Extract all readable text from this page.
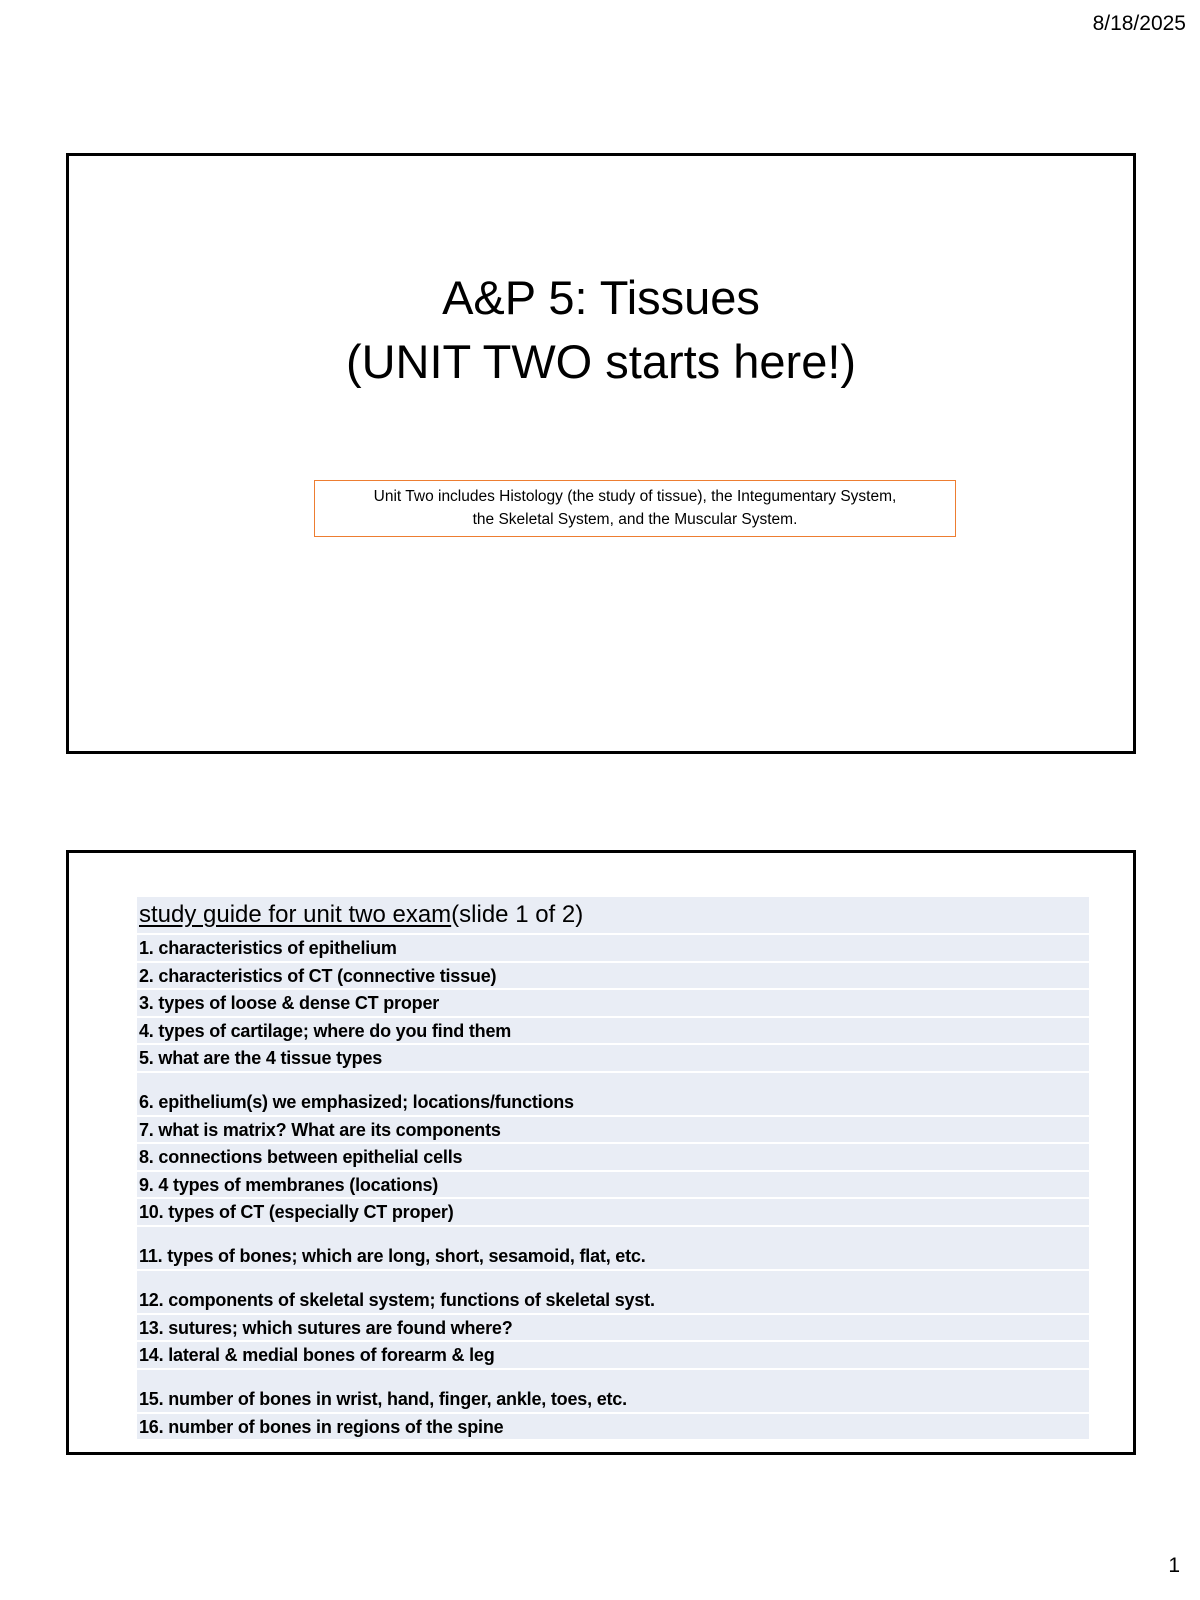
8/18/2025
A&P 5: Tissues
(UNIT TWO starts here!)
Unit Two includes Histology (the study of tissue), the Integumentary System,
the Skeletal System, and the Muscular System.
study guide for unit two exam (slide 1 of 2)
1. characteristics of epithelium
2. characteristics of CT (connective tissue)
3. types of loose & dense CT proper
4. types of cartilage; where do you find them
5. what are the 4 tissue types
6. epithelium(s) we emphasized; locations/functions
7. what is matrix? What are its components
8. connections between epithelial cells
9. 4 types of membranes (locations)
10. types of CT (especially CT proper)
11. types of bones; which are long, short, sesamoid, flat, etc.
12. components of skeletal system; functions of skeletal syst.
13. sutures; which sutures are found where?
14. lateral & medial bones of forearm & leg
15. number of bones in wrist, hand, finger, ankle, toes, etc.
16. number of bones in regions of the spine
1
